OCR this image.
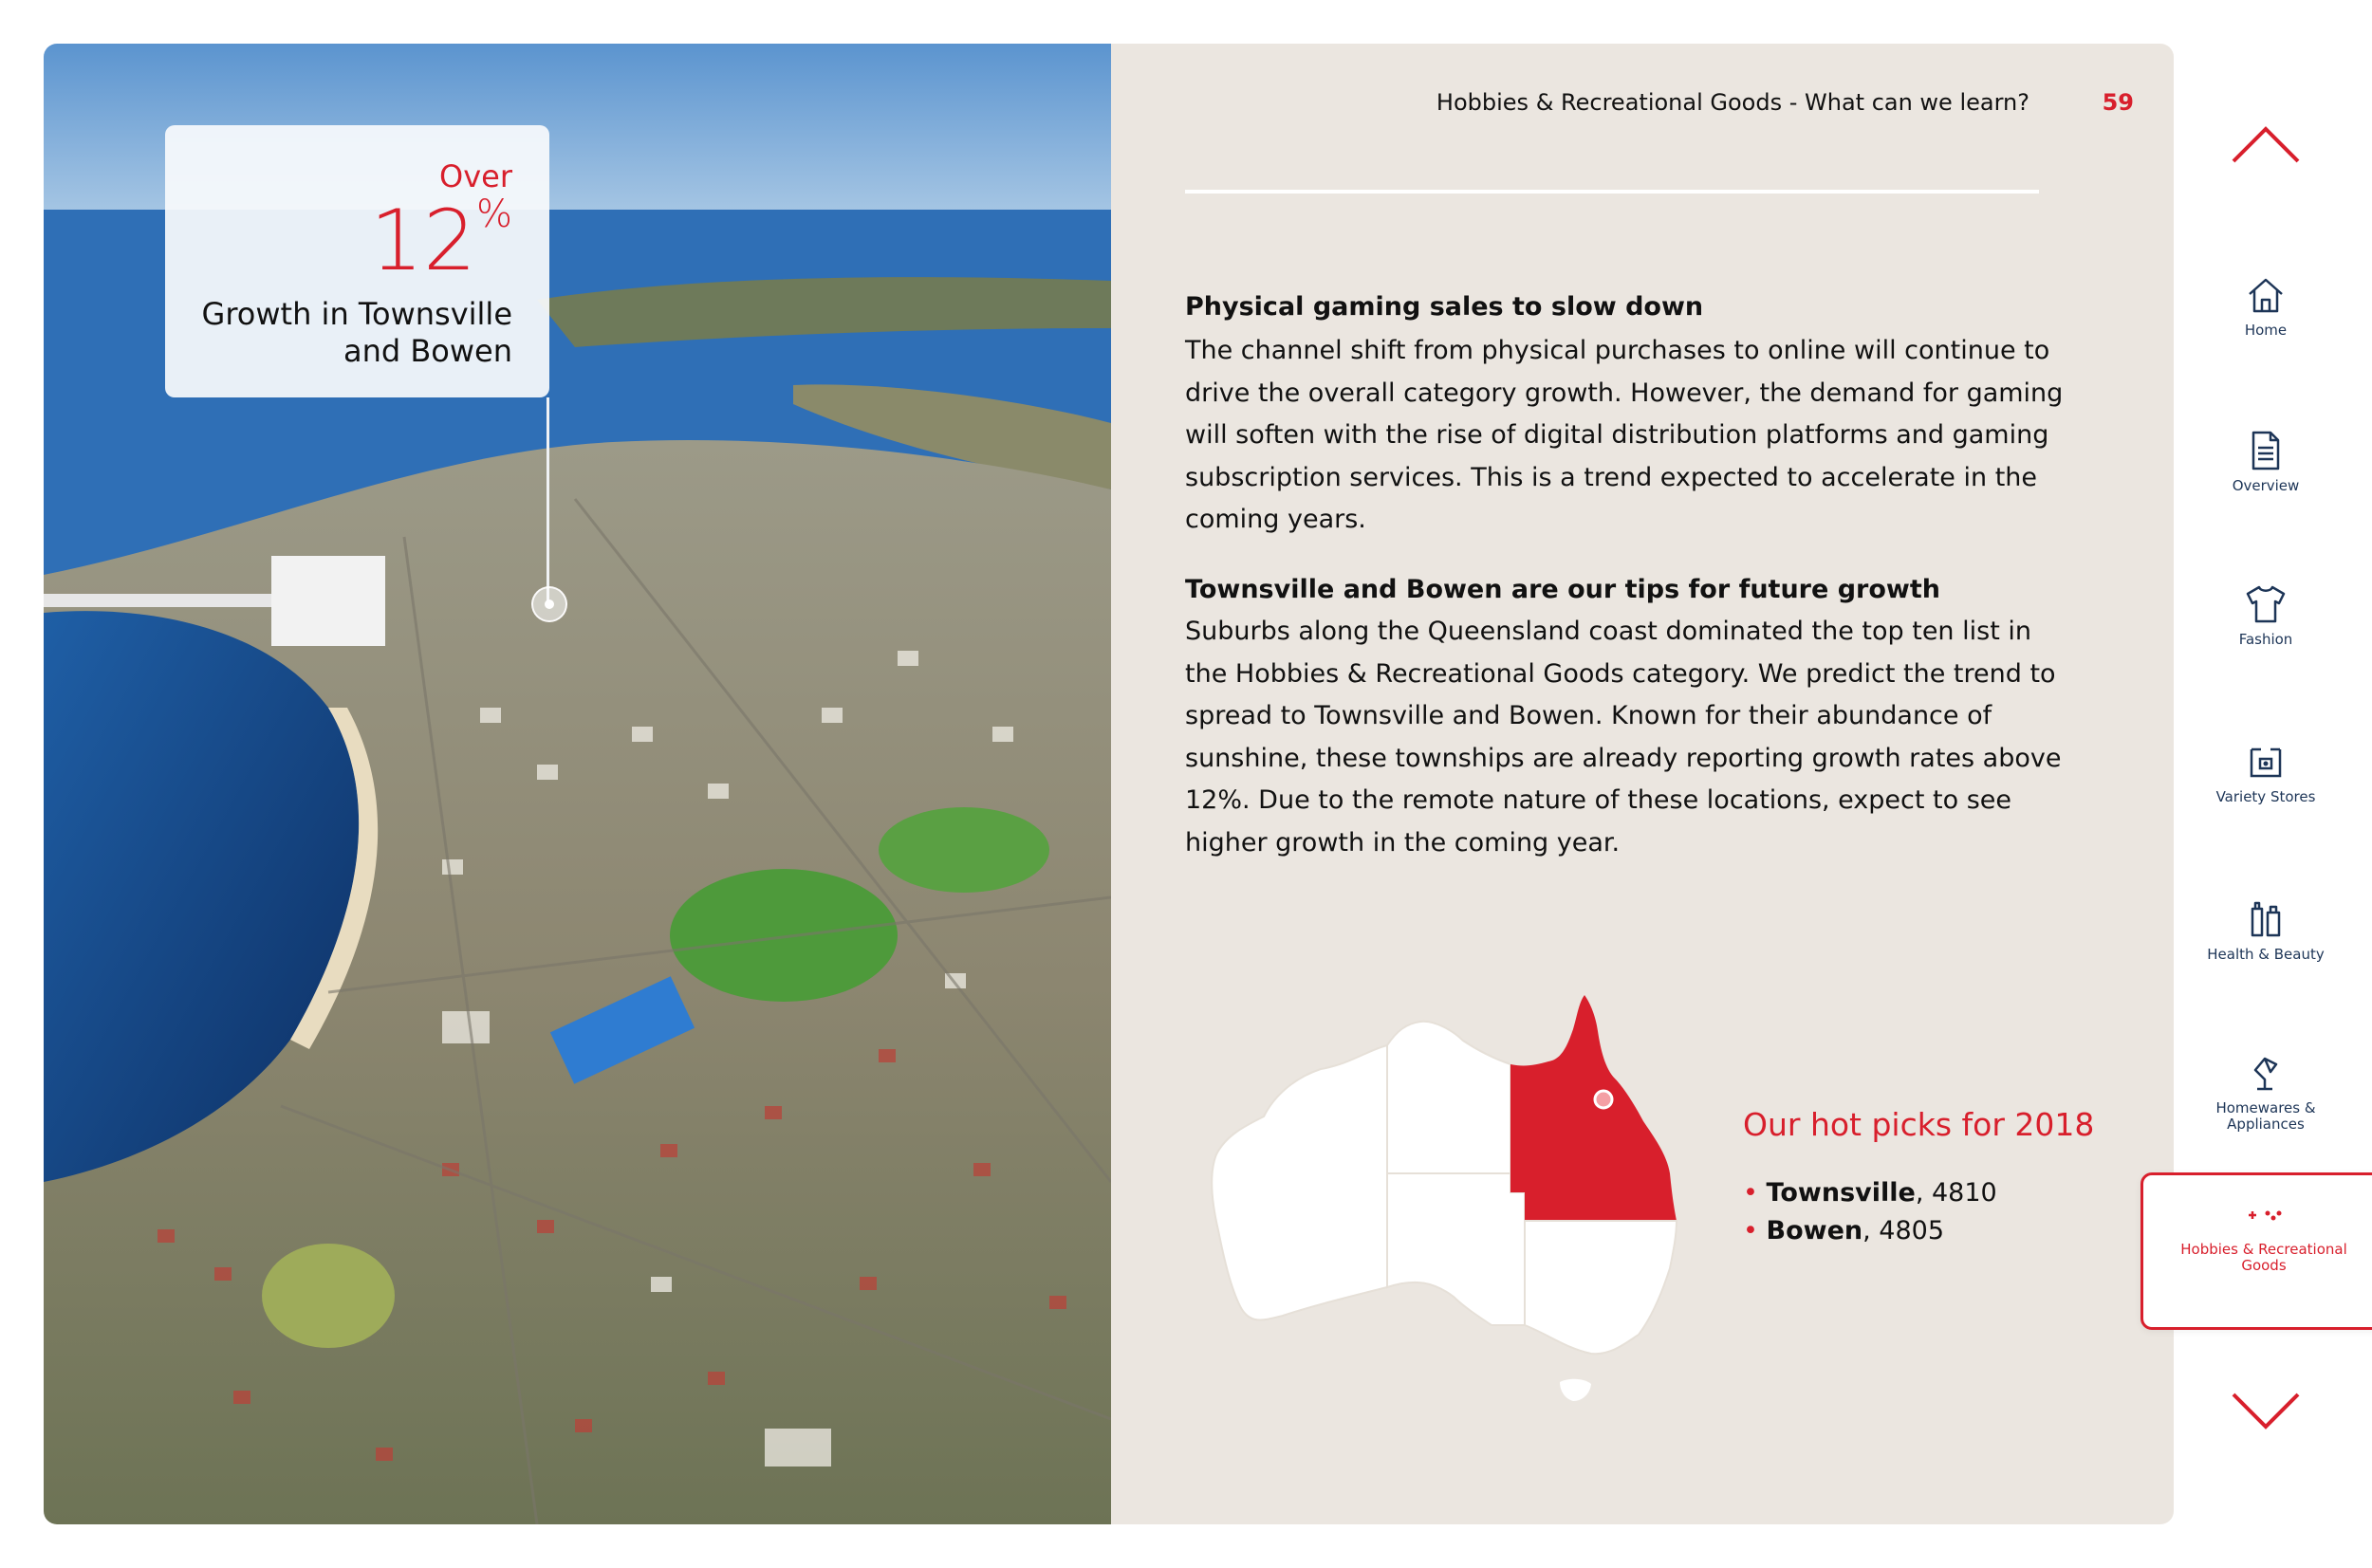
Over
12%
Growth in Townsville
and Bowen
Hobbies & Recreational Goods - What can we learn?	59
Physical gaming sales to slow down
The channel shift from physical purchases to online will continue to drive the overall category growth. However, the demand for gaming will soften with the rise of digital distribution platforms and gaming subscription services. This is a trend expected to accelerate in the coming years.
Townsville and Bowen are our tips for future growth
Suburbs along the Queensland coast dominated the top ten list in the Hobbies & Recreational Goods category. We predict the trend to spread to Townsville and Bowen. Known for their abundance of sunshine, these townships are already reporting growth rates above 12%. Due to the remote nature of these locations, expect to see higher growth in the coming year.
Our hot picks for 2018
• Townsville, 4810
• Bowen, 4805
Home
Overview
Fashion
Variety Stores
Health & Beauty
Homewares & Appliances
Hobbies & Recreational Goods
